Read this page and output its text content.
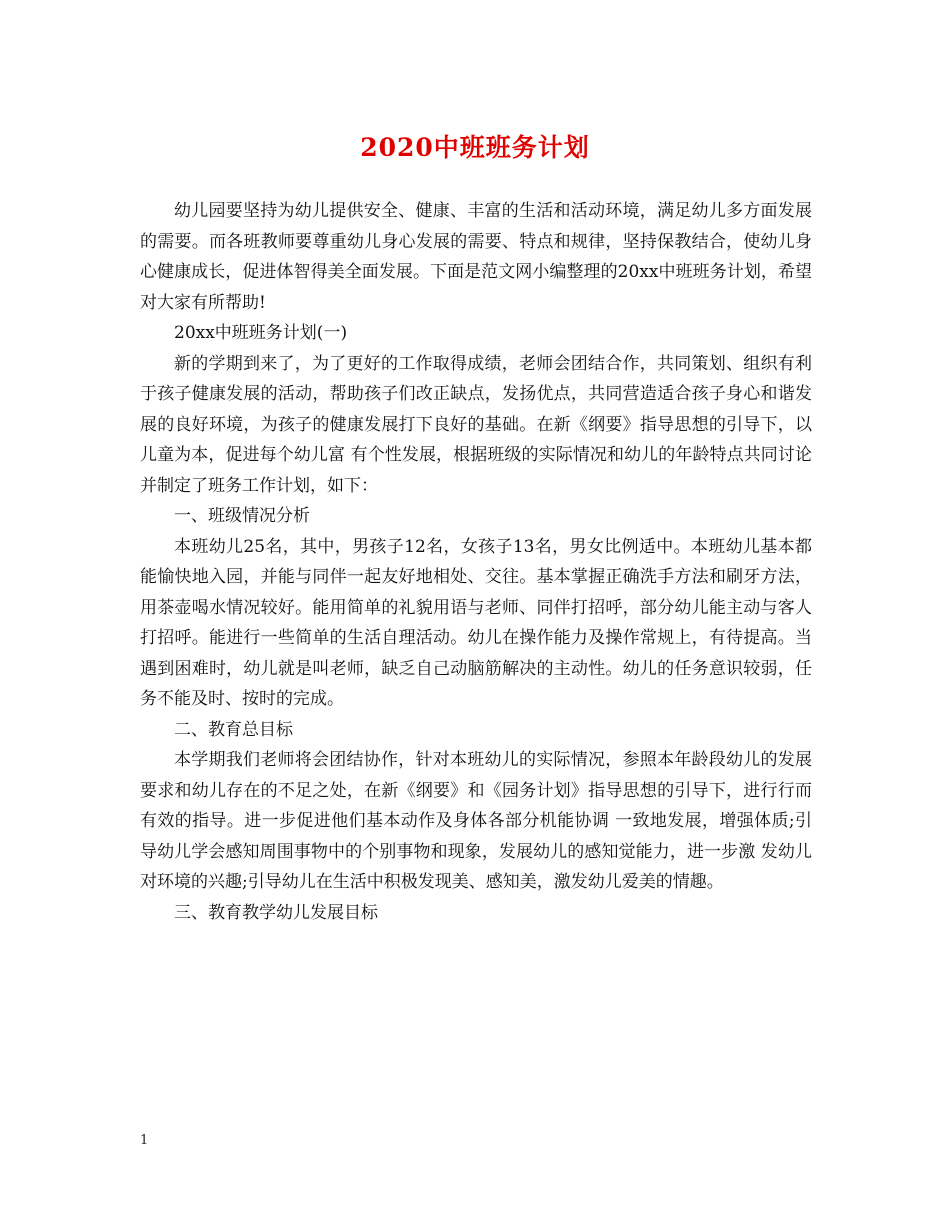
2020中班班务计划

幼儿园要坚持为幼儿提供安全、健康、丰富的生活和活动环境，满足幼儿多方面发展的需要。而各班教师要尊重幼儿身心发展的需要、特点和规律，坚持保教结合，使幼儿身心健康成长，促进体智得美全面发展。下面是范文网小编整理的20xx中班班务计划，希望对大家有所帮助!

20xx中班班务计划(一)

新的学期到来了，为了更好的工作取得成绩，老师会团结合作，共同策划、组织有利于孩子健康发展的活动，帮助孩子们改正缺点，发扬优点，共同营造适合孩子身心和谐发展的良好环境，为孩子的健康发展打下良好的基础。在新《纲要》指导思想的引导下，以儿童为本，促进每个幼儿富 有个性发展，根据班级的实际情况和幼儿的年龄特点共同讨论并制定了班务工作计划，如下：

一、班级情况分析

本班幼儿25名，其中，男孩子12名，女孩子13名，男女比例适中。本班幼儿基本都能愉快地入园，并能与同伴一起友好地相处、交往。基本掌握正确洗手方法和刷牙方法，用茶壶喝水情况较好。能用简单的礼貌用语与老师、同伴打招呼，部分幼儿能主动与客人打招呼。能进行一些简单的生活自理活动。幼儿在操作能力及操作常规上，有待提高。当遇到困难时，幼儿就是叫老师，缺乏自己动脑筋解决的主动性。幼儿的任务意识较弱，任务不能及时、按时的完成。

二、教育总目标

本学期我们老师将会团结协作，针对本班幼儿的实际情况，参照本年龄段幼儿的发展要求和幼儿存在的不足之处，在新《纲要》和《园务计划》指导思想的引导下，进行行而有效的指导。进一步促进他们基本动作及身体各部分机能协调 一致地发展，增强体质;引导幼儿学会感知周围事物中的个别事物和现象，发展幼儿的感知觉能力，进一步激 发幼儿对环境的兴趣;引导幼儿在生活中积极发现美、感知美，激发幼儿爱美的情趣。

三、教育教学幼儿发展目标

1
